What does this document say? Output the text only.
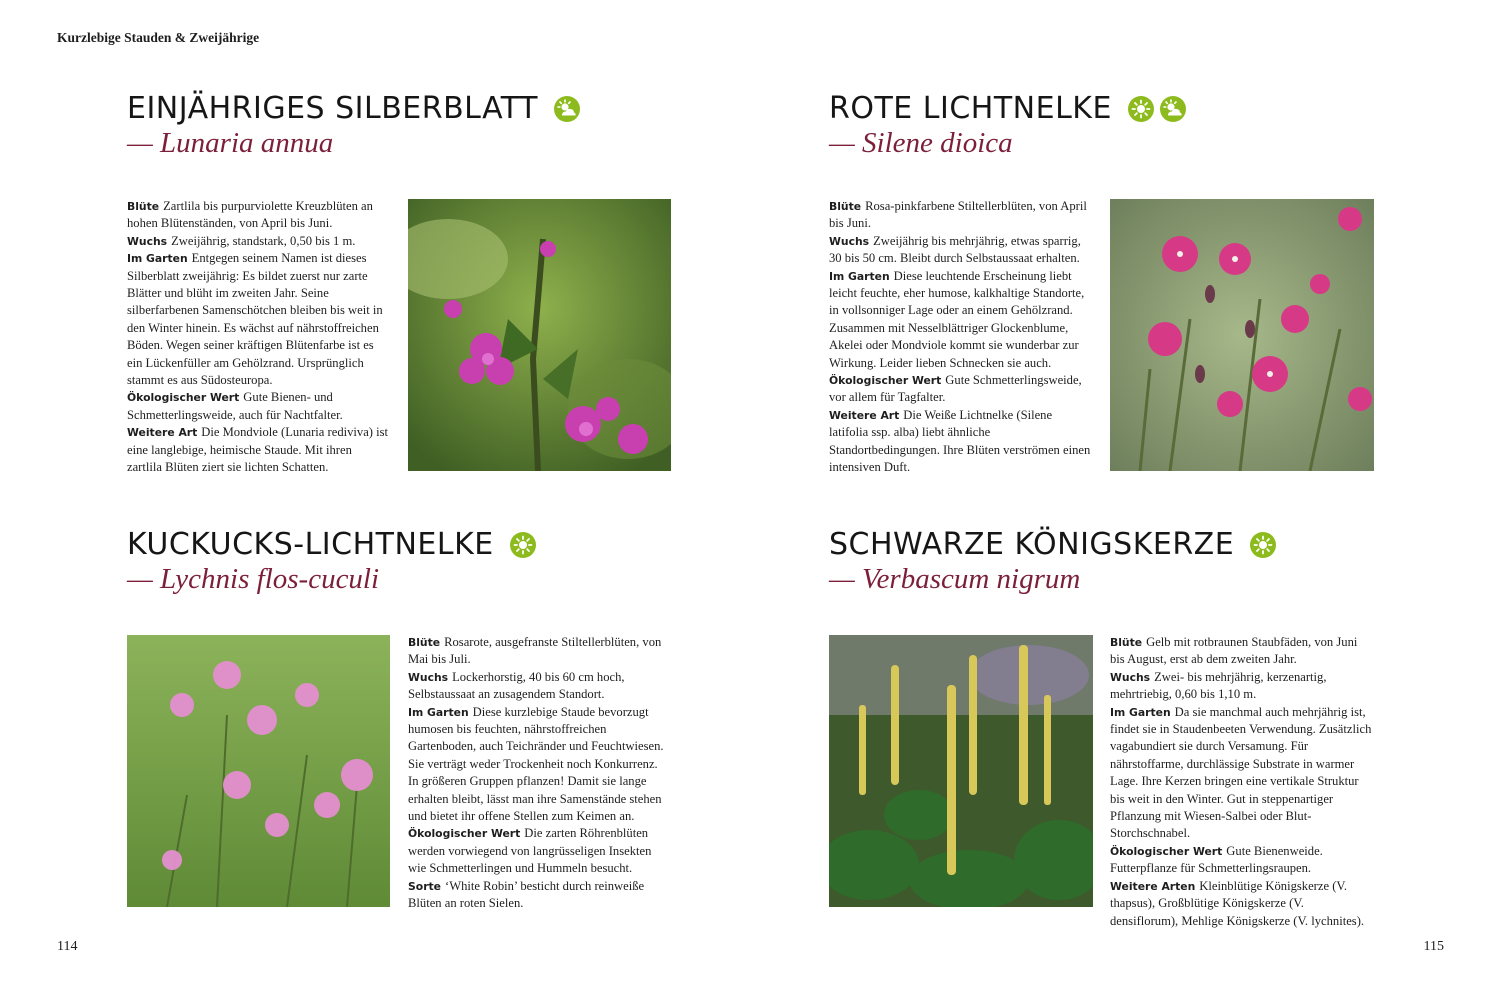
Kurzlebige Stauden & Zweijährige
EINJÄHRIGES SILBERBLATT
— Lunaria annua

Blüte Zartlila bis purpurviolette Kreuzblüten an hohen Blütenständen, von April bis Juni.

Wuchs Zweijährig, standstark, 0,50 bis 1 m.

Im Garten Entgegen seinem Namen ist dieses Silberblatt zweijährig: Es bildet zuerst nur zarte Blätter und blüht im zweiten Jahr. Seine silberfarbenen Samenschötchen bleiben bis weit in den Winter hinein. Es wächst auf nährstoffreichen Böden. Wegen seiner kräftigen Blütenfarbe ist es ein Lückenfüller am Gehölzrand. Ursprünglich stammt es aus Südosteuropa.

Ökologischer Wert Gute Bienen- und Schmetterlingsweide, auch für Nachtfalter.

Weitere Art Die Mondviole (Lunaria rediviva) ist eine langlebige, heimische Staude. Mit ihren zartlila Blüten ziert sie lichten Schatten.

ROTE LICHTNELKE
— Silene dioica

Blüte Rosa-pinkfarbene Stiltellerblüten, von April bis Juni.

Wuchs Zweijährig bis mehrjährig, etwas sparrig, 30 bis 50 cm. Bleibt durch Selbstaussaat erhalten.

Im Garten Diese leuchtende Erscheinung liebt leicht feuchte, eher humose, kalkhaltige Standorte, in vollsonniger Lage oder an einem Gehölzrand. Zusammen mit Nesselblättriger Glockenblume, Akelei oder Mondviole kommt sie wunderbar zur Wirkung. Leider lieben Schnecken sie auch.

Ökologischer Wert Gute Schmetterlingsweide, vor allem für Tagfalter.

Weitere Art Die Weiße Lichtnelke (Silene latifolia ssp. alba) liebt ähnliche Standortbedingungen. Ihre Blüten verströmen einen intensiven Duft.

KUCKUCKS-LICHTNELKE
— Lychnis flos-cuculi

Blüte Rosarote, ausgefranste Stiltellerblüten, von Mai bis Juli.

Wuchs Lockerhorstig, 40 bis 60 cm hoch, Selbstaussaat an zusagendem Standort.

Im Garten Diese kurzlebige Staude bevorzugt humosen bis feuchten, nährstoffreichen Gartenboden, auch Teichränder und Feuchtwiesen. Sie verträgt weder Trockenheit noch Konkurrenz. In größeren Gruppen pflanzen! Damit sie lange erhalten bleibt, lässt man ihre Samenstände stehen und bietet ihr offene Stellen zum Keimen an.

Ökologischer Wert Die zarten Röhrenblüten werden vorwiegend von langrüsseligen Insekten wie Schmetterlingen und Hummeln besucht.

Sorte ‘White Robin’ besticht durch reinweiße Blüten an roten Sielen.

SCHWARZE KÖNIGSKERZE
— Verbascum nigrum

Blüte Gelb mit rotbraunen Staubfäden, von Juni bis August, erst ab dem zweiten Jahr.

Wuchs Zwei- bis mehrjährig, kerzenartig, mehrtriebig, 0,60 bis 1,10 m.

Im Garten Da sie manchmal auch mehrjährig ist, findet sie in Staudenbeeten Verwendung. Zusätzlich vagabundiert sie durch Versamung. Für nährstoffarme, durchlässige Substrate in warmer Lage. Ihre Kerzen bringen eine vertikale Struktur bis weit in den Winter. Gut in steppenartiger Pflanzung mit Wiesen-Salbei oder Blut-Storchschnabel.

Ökologischer Wert Gute Bienenweide. Futterpflanze für Schmetterlingsraupen.

Weitere Arten Kleinblütige Königskerze (V. thapsus), Großblütige Königskerze (V. densiflorum), Mehlige Königskerze (V. lychnites).

114	115
